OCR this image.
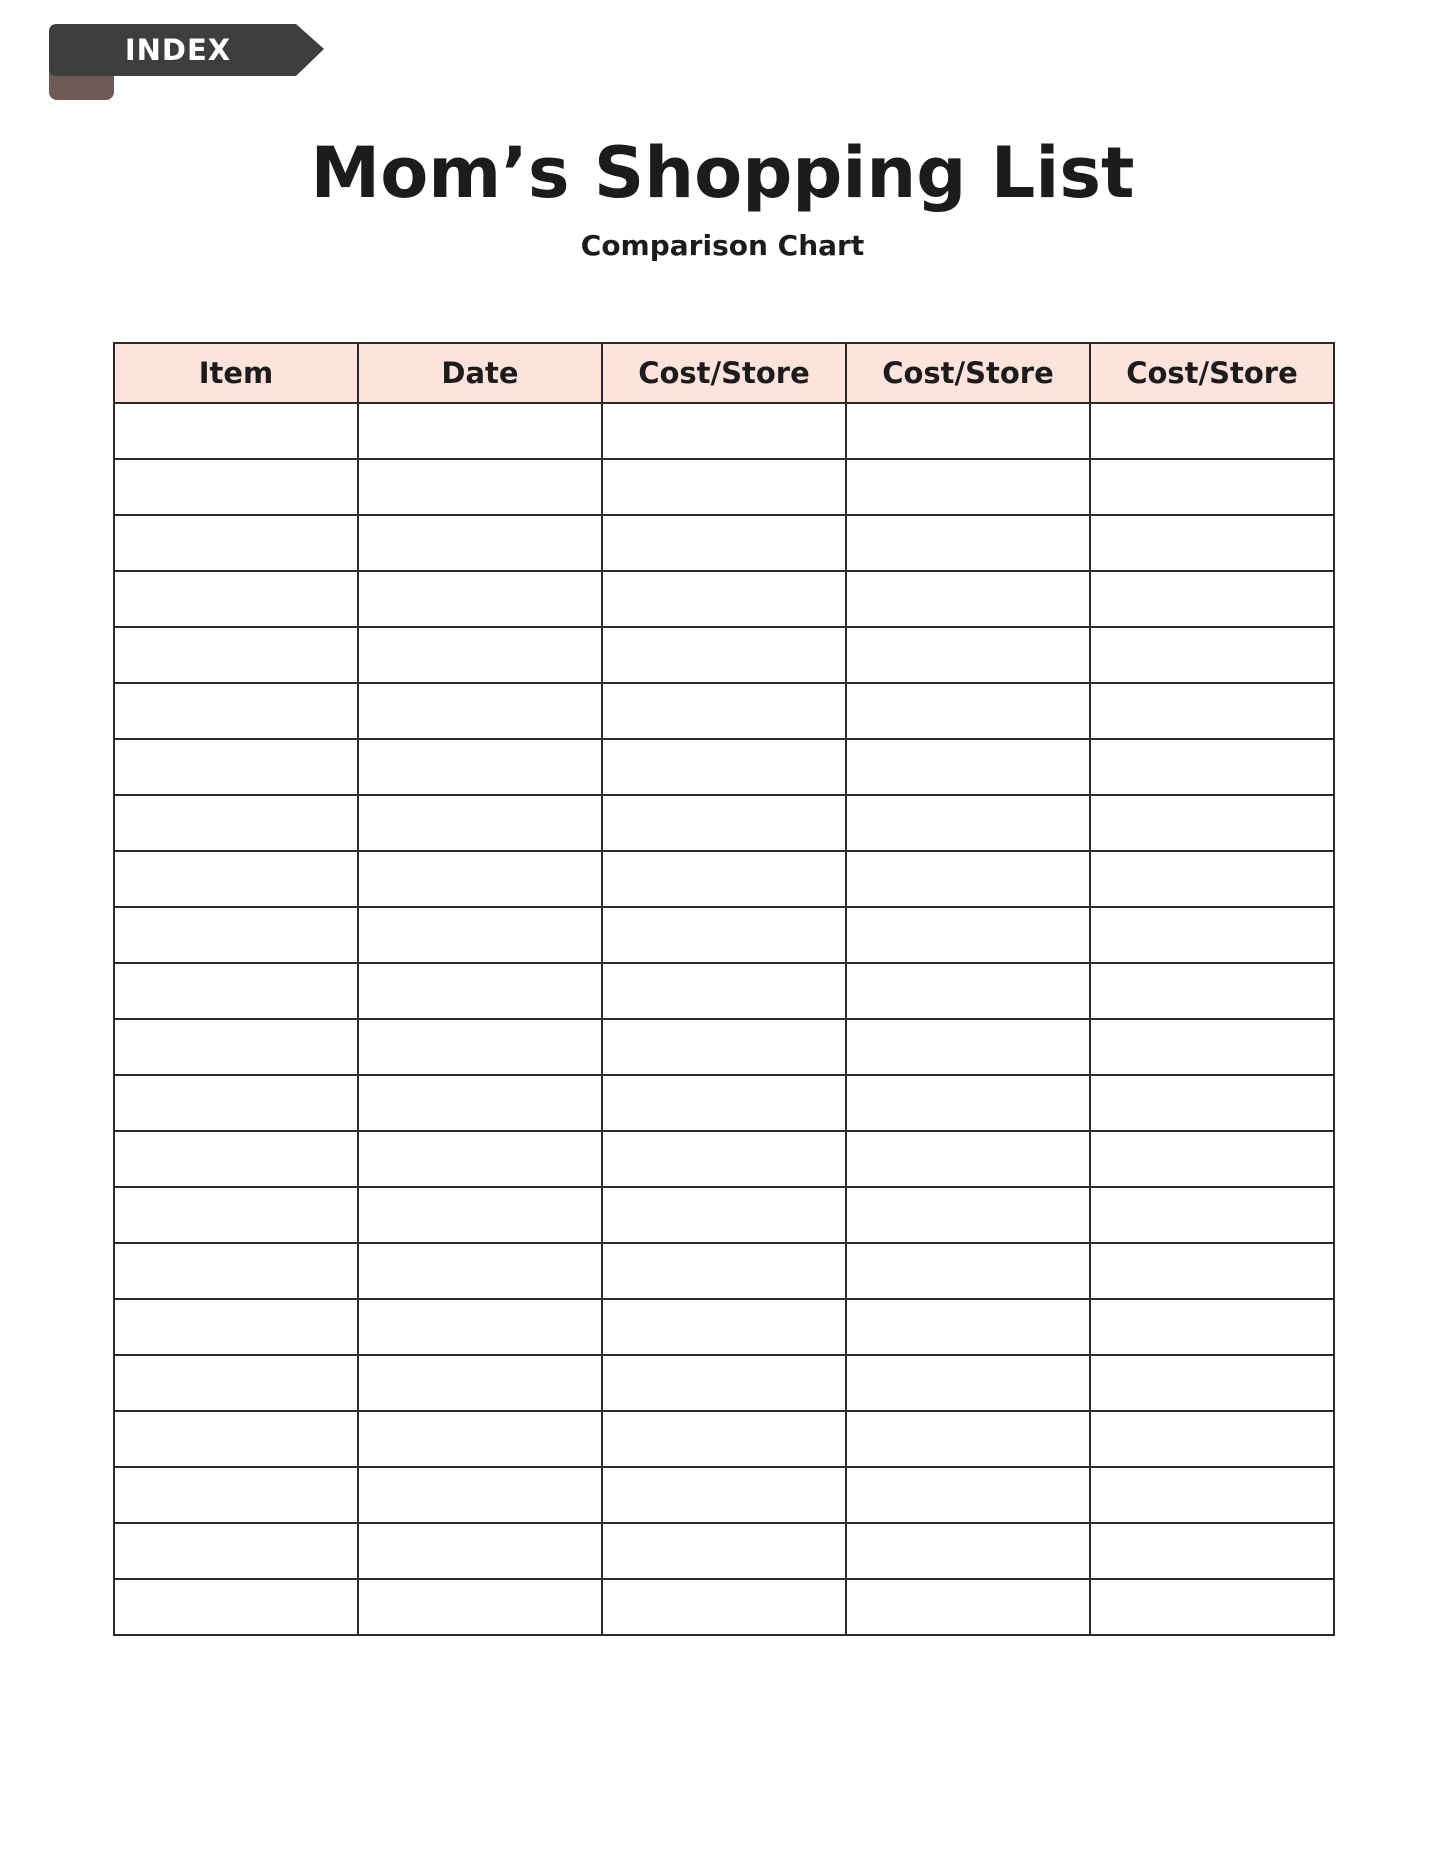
INDEX
Mom’s Shopping List
Comparison Chart
Item	Date	Cost/Store	Cost/Store	Cost/Store
